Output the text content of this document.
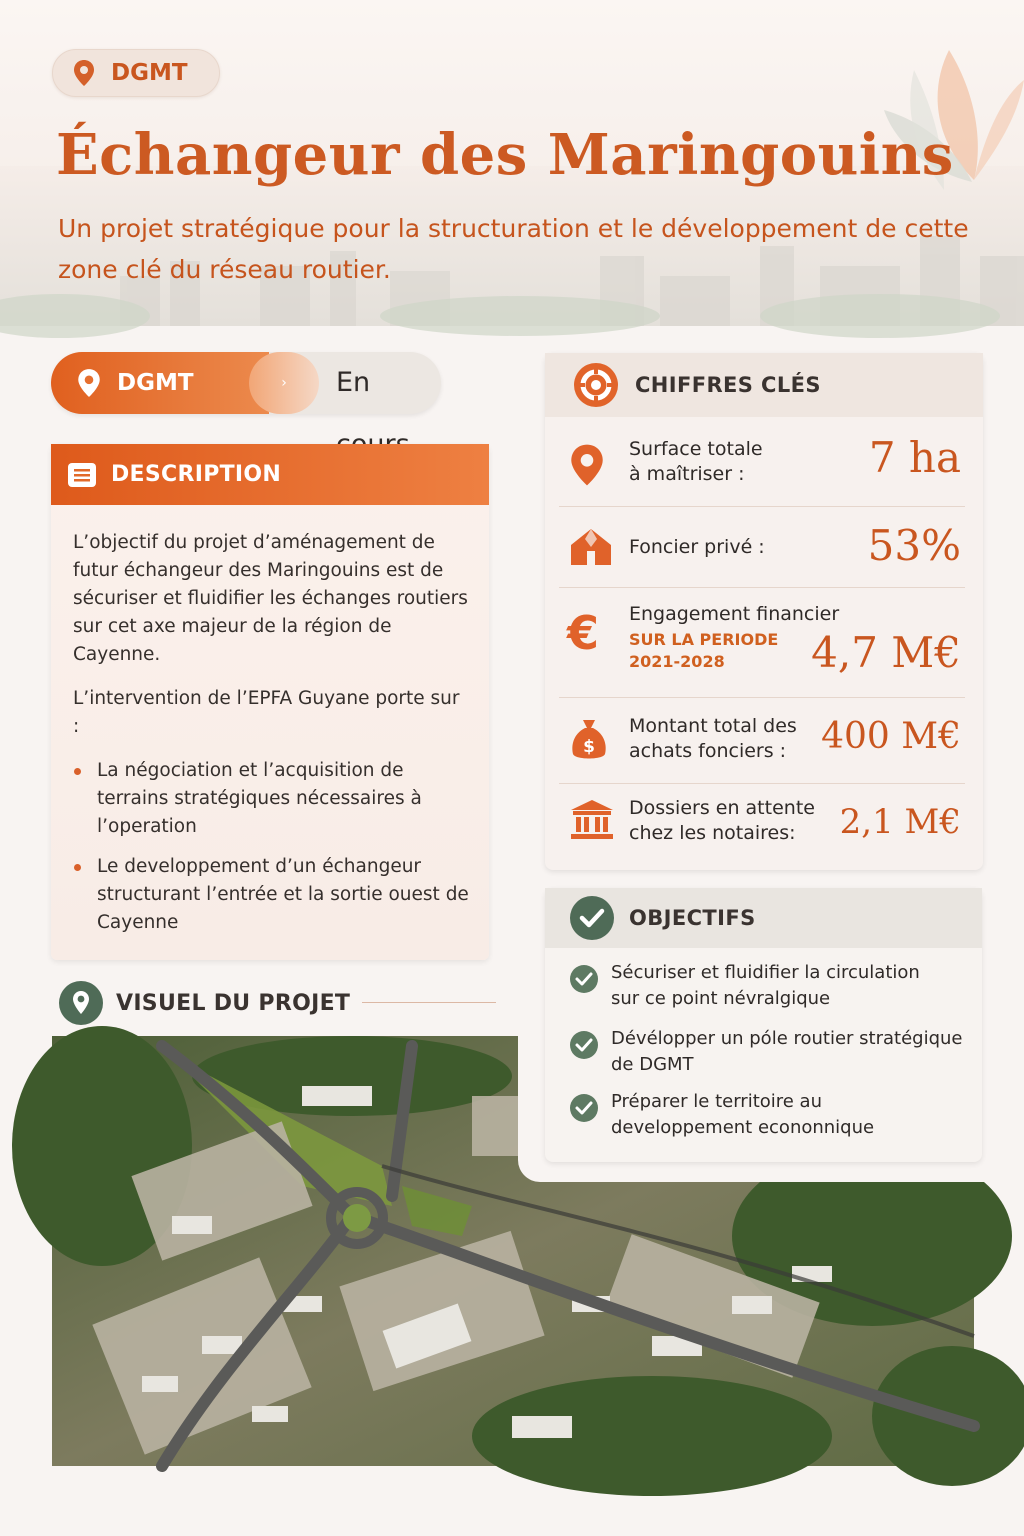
DGMT
Échangeur des Maringouins

Un projet stratégique pour la structuration et le développement de cette zone clé du réseau routier.

DGMT	›	En
DESCRIPTION

L’objectif du projet d’aménagement de futur échangeur des Maringouins est de sécuriser et fluidifier les échanges routiers sur cet axe majeur de la région de Cayenne.

L’intervention de l’EPFA Guyane porte sur :

La négociation et l’acquisition de terrains stratégiques nécessaires à l’operation
Le developpement d’un échangeur structurant l’entrée et la sortie ouest de Cayenne
VISUEL DU PROJET
CHIFFRES CLÉS
Surface totale
à maîtriser :	7 ha
Foncier privé : 53%
€ Engagement financier
SUR LA PERIODE
2021-2028	4,7 M€
$
Montant total des
achats fonciers : 400 M€
Dossiers en attente
chez les notaires:	2,1 M€
OBJECTIFS
Sécuriser et fluidifier la circulation
sur ce point névralgique
Dévélopper un póle routier stratégique
de DGMT
Préparer le territoire au
developpement econonnique
